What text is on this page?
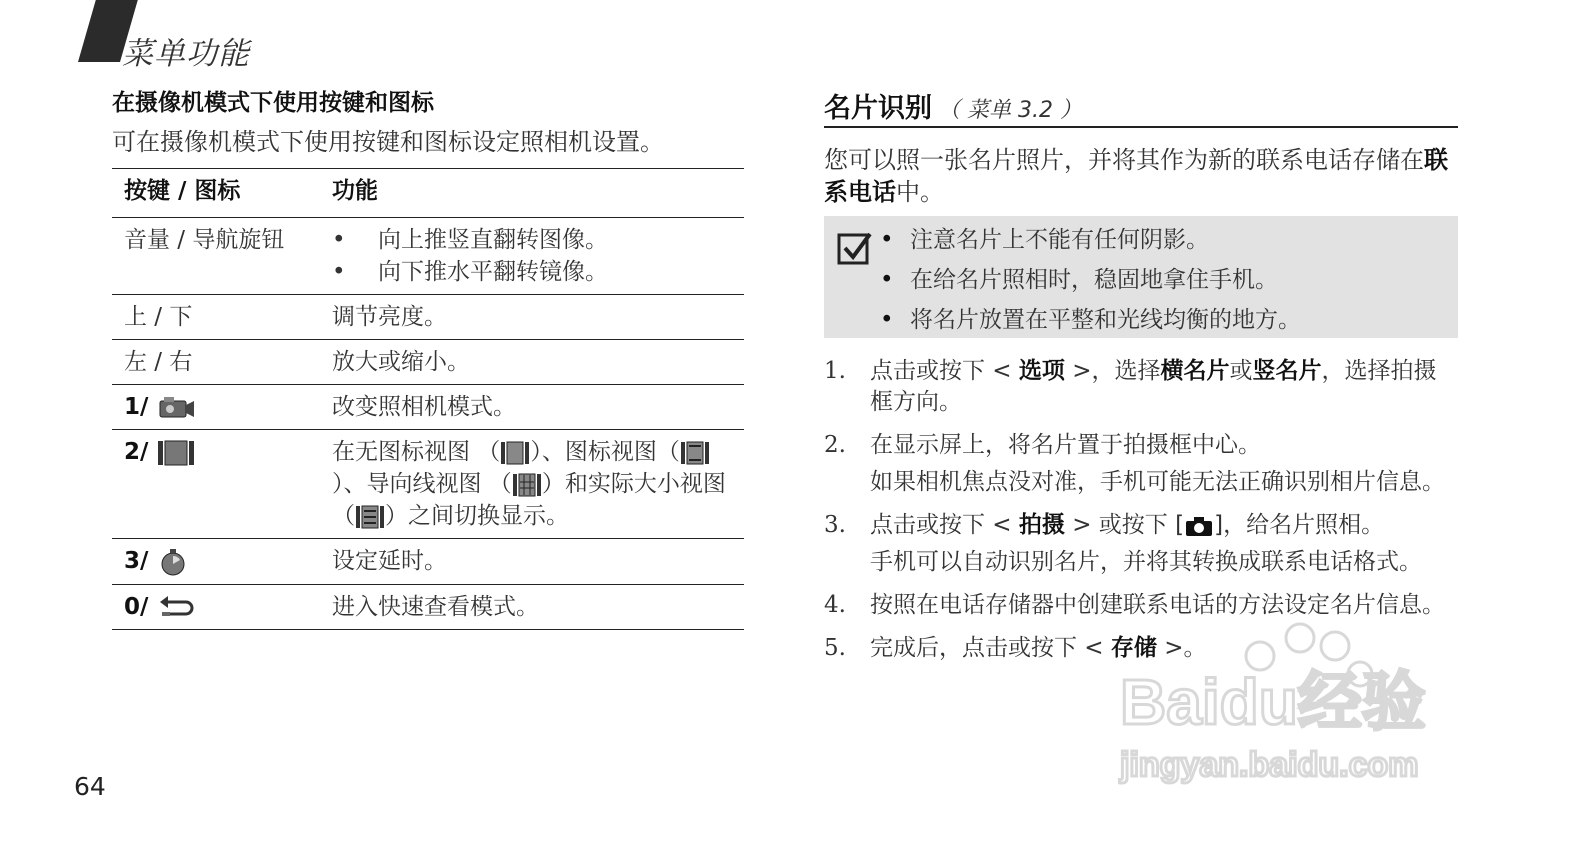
菜单功能
在摄像机模式下使用按键和图标

可在摄像机模式下使用按键和图标设定照相机设置。

按键 / 图标	功能
音量 / 导航旋钮	• 向上推竖直翻转图像。
• 向下推水平翻转镜像。

上 / 下	调节亮度。
左 / 右	放大或缩小。
1/	改变照相机模式。
2/	在无图标视图 （ ）、图标视图（）、导向线视图 （ ）和实际大小视图 （ ）之间切换显示。
3/	设定延时。
0/	进入快速查看模式。
64
名片识别 （ 菜单 3.2 ）
您可以照一张名片照片，并将其作为新的联系电话存储在联系电话中。
• 注意名片上不能有任何阴影。
• 在给名片照相时，稳固地拿住手机。
• 将名片放置在平整和光线均衡的地方。
1. 点击或按下 < 选项 >，选择横名片或竖名片，选择拍摄框方向。
2. 在显示屏上，将名片置于拍摄框中心。
如果相机焦点没对准，手机可能无法正确识别相片信息。
3. 点击或按下 < 拍摄 > 或按下 [ ]，给名片照相。
手机可以自动识别名片，并将其转换成联系电话格式。
4. 按照在电话存储器中创建联系电话的方法设定名片信息。
5. 完成后，点击或按下 < 存储 >。
Baidu经验
jingyan.baidu.com
